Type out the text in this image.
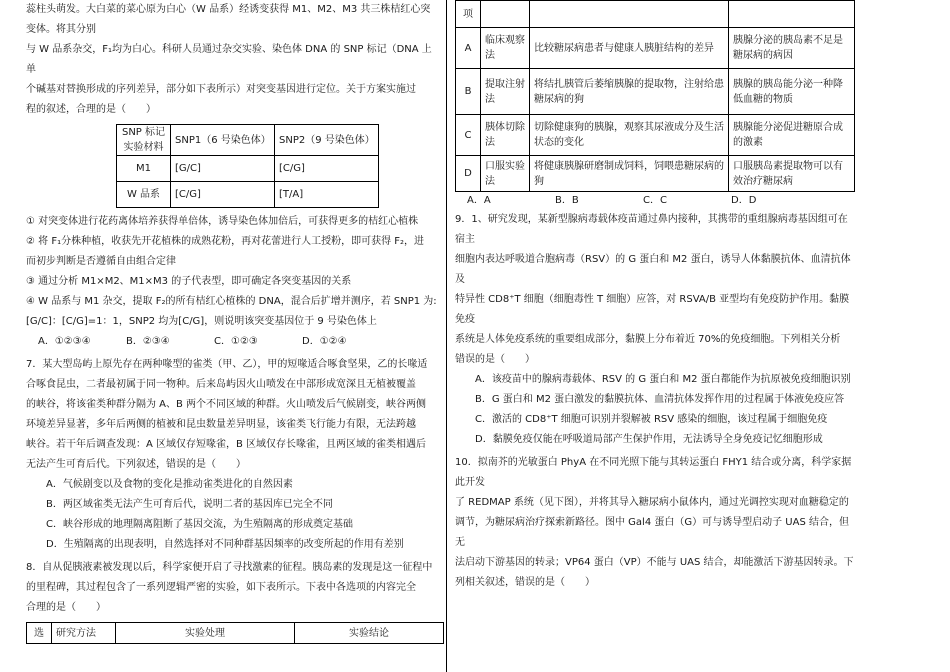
蕊柱头萌发。大白菜的菜心原为白心（W 品系）经诱变获得 M1、M2、M3 共三株桔红心突

变体。将其分别

与 W 品系杂交，F₁均为白心。科研人员通过杂交实验、染色体 DNA 的 SNP 标记（DNA 上单

个碱基对替换形成的序列差异，部分如下表所示）对突变基因进行定位。关于方案实施过

程的叙述，合理的是（　　）

SNP 标记
实验材料	SNP1（6 号染色体）	SNP2（9 号染色体）
M1	[G/C]	[C/G]
W 品系	[C/G]	[T/A]

① 对突变体进行花药离体培养获得单倍体，诱导染色体加倍后，可获得更多的桔红心植株

② 将 F₁分株种植，收获先开花植株的成熟花粉，再对花蕾进行人工授粉，即可获得 F₂，进

而初步判断是否遵循自由组合定律

③ 通过分析 M1×M2、M1×M3 的子代表型，即可确定各突变基因的关系

④ W 品系与 M1 杂交，提取 F₂的所有桔红心植株的 DNA，混合后扩增并测序，若 SNP1 为:

[G/C]：[C/G]=1：1，SNP2 均为[C/G]，则说明该突变基因位于 9 号染色体上

A．①②③④	B．②③④	C．①②③	D．①②④

7．某大型岛屿上原先存在两种喙型的雀类（甲、乙），甲的短喙适合啄食坚果，乙的长喙适

合啄食昆虫，二者最初属于同一物种。后来岛屿因火山喷发在中部形成宽深且无植被覆盖

的峡谷，将该雀类种群分隔为 A、B 两个不同区域的种群。火山喷发后气候剧变，峡谷两侧

环境差异显著，多年后两侧的植被和昆虫数量差异明显，该雀类飞行能力有限，无法跨越

峡谷。若干年后调查发现：A 区域仅存短喙雀，B 区域仅存长喙雀，且两区域的雀类相遇后

无法产生可育后代。下列叙述，错误的是（　　）

A．气候剧变以及食物的变化是推动雀类进化的自然因素

B．两区域雀类无法产生可育后代，说明二者的基因库已完全不同

C．峡谷形成的地理隔离阻断了基因交流，为生殖隔离的形成奠定基础

D．生殖隔离的出现表明，自然选择对不同种群基因频率的改变所起的作用有差别

8．自从促胰液素被发现以后，科学家便开启了寻找激素的征程。胰岛素的发现是这一征程中

的里程碑，其过程包含了一系列逻辑严密的实验，如下表所示。下表中各选项的内容完全

合理的是（　　）

选	研究方法	实验处理	实验结论
项			
A	临床观察法	比较糖尿病患者与健康人胰脏结构的差异	胰腺分泌的胰岛素不足是糖尿病的病因
B	提取注射法	将结扎胰管后萎缩胰腺的提取物，注射给患糖尿病的狗	胰腺的胰岛能分泌一种降低血糖的物质
C	胰体切除法	切除健康狗的胰腺，观察其尿液成分及生活状态的变化	胰腺能分泌促进糖原合成的激素
D	口服实验法	将健康胰腺研磨制成饲料，饲喂患糖尿病的狗	口服胰岛素提取物可以有效治疗糖尿病
A．A	B．B	C．C	D．D

9．1、研究发现，某新型腺病毒载体疫苗通过鼻内接种，其携带的重组腺病毒基因组可在宿主

细胞内表达呼吸道合胞病毒（RSV）的 G 蛋白和 M2 蛋白，诱导人体黏膜抗体、血清抗体及

特异性 CD8⁺T 细胞（细胞毒性 T 细胞）应答，对 RSVA/B 亚型均有免疫防护作用。黏膜免疫

系统是人体免疫系统的重要组成部分，黏膜上分布着近 70%的免疫细胞。下列相关分析

错误的是（　　）

A．该疫苗中的腺病毒载体、RSV 的 G 蛋白和 M2 蛋白都能作为抗原被免疫细胞识别

B．G 蛋白和 M2 蛋白激发的黏膜抗体、血清抗体发挥作用的过程属于体液免疫应答

C．激活的 CD8⁺T 细胞可识别并裂解被 RSV 感染的细胞，该过程属于细胞免疫

D．黏膜免疫仅能在呼吸道局部产生保护作用，无法诱导全身免疫记忆细胞形成

10．拟南芥的光敏蛋白 PhyA 在不同光照下能与其转运蛋白 FHY1 结合或分离，科学家据此开发

了 REDMAP 系统（见下图），并将其导入糖尿病小鼠体内，通过光调控实现对血糖稳定的

调节，为糖尿病治疗探索新路径。图中 Gal4 蛋白（G）可与诱导型启动子 UAS 结合，但无

法启动下游基因的转录；VP64 蛋白（VP）不能与 UAS 结合，却能激活下游基因转录。下

列相关叙述，错误的是（　　）
